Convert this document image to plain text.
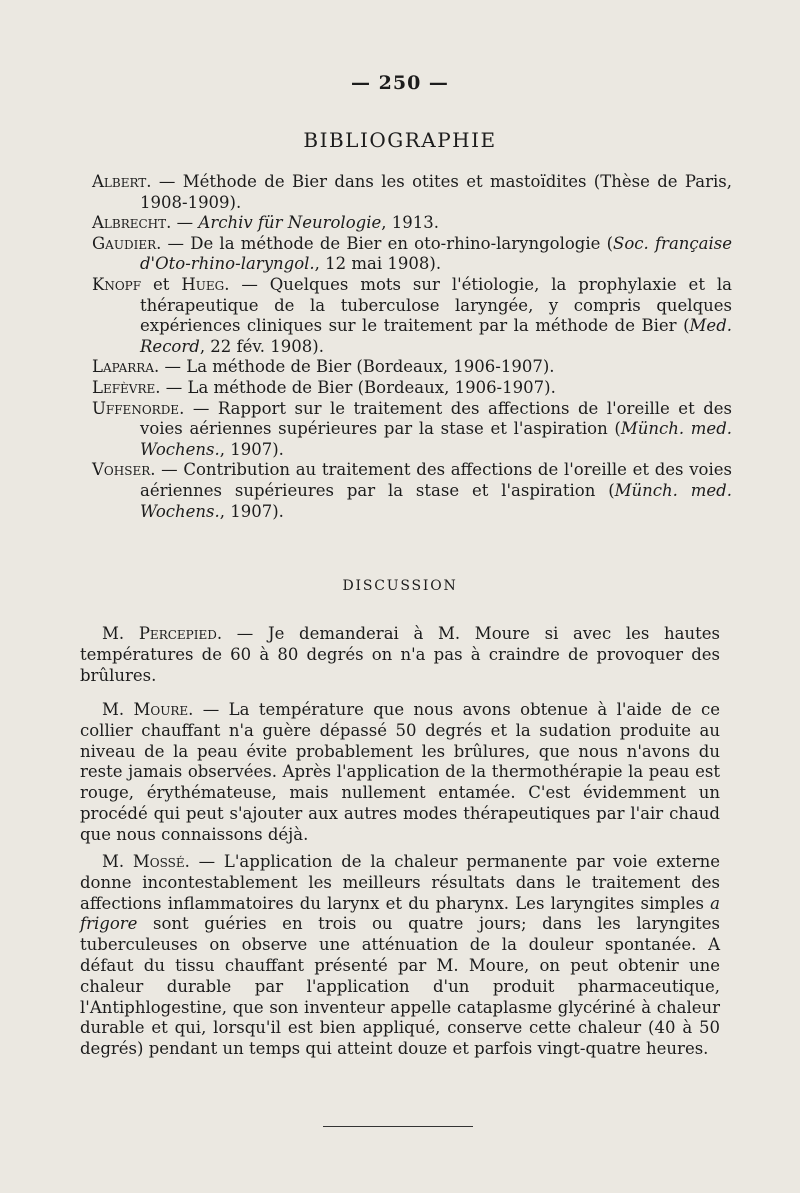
— 250 —
BIBLIOGRAPHIE
Albert. — Méthode de Bier dans les otites et mastoïdites (Thèse de Paris, 1908-1909).
Albrecht. — Archiv für Neurologie, 1913.
Gaudier. — De la méthode de Bier en oto-rhino-laryngologie (Soc. française d'Oto-rhino-laryngol., 12 mai 1908).
Knopf et Hueg. — Quelques mots sur l'étiologie, la prophylaxie et la thérapeutique de la tuberculose laryngée, y compris quelques expériences cliniques sur le traitement par la méthode de Bier (Med. Record, 22 fév. 1908).
Laparra. — La méthode de Bier (Bordeaux, 1906-1907).
Lefèvre. — La méthode de Bier (Bordeaux, 1906-1907).
Uffenorde. — Rapport sur le traitement des affections de l'oreille et des voies aériennes supérieures par la stase et l'aspiration (Münch. med. Wochens., 1907).
Vohser. — Contribution au traitement des affections de l'oreille et des voies aériennes supérieures par la stase et l'aspiration (Münch. med. Wochens., 1907).
DISCUSSION

M. Percepied. — Je demanderai à M. Moure si avec les hautes températures de 60 à 80 degrés on n'a pas à craindre de provoquer des brûlures.

M. Moure. — La température que nous avons obtenue à l'aide de ce collier chauffant n'a guère dépassé 50 degrés et la sudation produite au niveau de la peau évite probablement les brûlures, que nous n'avons du reste jamais observées. Après l'application de la thermothérapie la peau est rouge, érythémateuse, mais nullement entamée. C'est évidemment un procédé qui peut s'ajouter aux autres modes thérapeutiques par l'air chaud que nous connaissons déjà.

M. Mossé. — L'application de la chaleur permanente par voie externe donne incontestablement les meilleurs résultats dans le traitement des affections inflammatoires du larynx et du pharynx. Les laryngites simples a frigore sont guéries en trois ou quatre jours; dans les laryngites tuberculeuses on observe une atténuation de la douleur spontanée. A défaut du tissu chauffant présenté par M. Moure, on peut obtenir une chaleur durable par l'application d'un produit pharmaceutique, l'Antiphlogestine, que son inventeur appelle cataplasme glycériné à chaleur durable et qui, lorsqu'il est bien appliqué, conserve cette chaleur (40 à 50 degrés) pendant un temps qui atteint douze et parfois vingt-quatre heures.
